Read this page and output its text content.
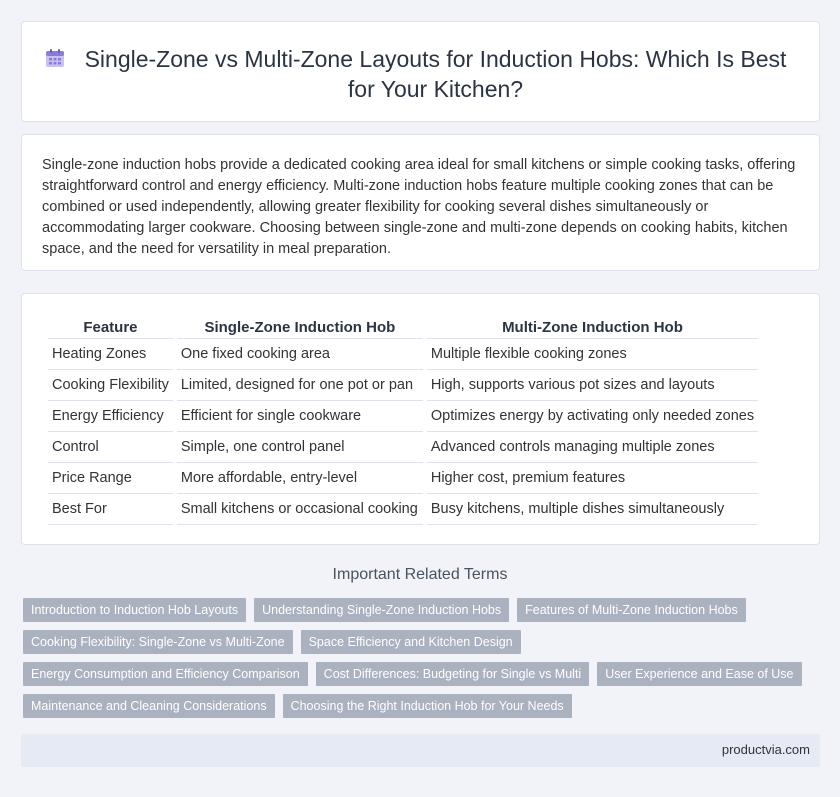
Single-Zone vs Multi-Zone Layouts for Induction Hobs: Which Is Best for Your Kitchen?

Single-zone induction hobs provide a dedicated cooking area ideal for small kitchens or simple cooking tasks, offering straightforward control and energy efficiency. Multi-zone induction hobs feature multiple cooking zones that can be combined or used independently, allowing greater flexibility for cooking several dishes simultaneously or accommodating larger cookware. Choosing between single-zone and multi-zone depends on cooking habits, kitchen space, and the need for versatility in meal preparation.

Feature	Single-Zone Induction Hob	Multi-Zone Induction Hob
Heating Zones	One fixed cooking area	Multiple flexible cooking zones
Cooking Flexibility	Limited, designed for one pot or pan	High, supports various pot sizes and layouts
Energy Efficiency	Efficient for single cookware	Optimizes energy by activating only needed zones
Control	Simple, one control panel	Advanced controls managing multiple zones
Price Range	More affordable, entry-level	Higher cost, premium features
Best For	Small kitchens or occasional cooking	Busy kitchens, multiple dishes simultaneously
Important Related Terms
Introduction to Induction Hob Layouts	Understanding Single-Zone Induction Hobs	Features of Multi-Zone Induction Hobs
Cooking Flexibility: Single-Zone vs Multi-Zone	Space Efficiency and Kitchen Design
Energy Consumption and Efficiency Comparison	Cost Differences: Budgeting for Single vs Multi	User Experience and Ease of Use
Maintenance and Cleaning Considerations	Choosing the Right Induction Hob for Your Needs
productvia.com
